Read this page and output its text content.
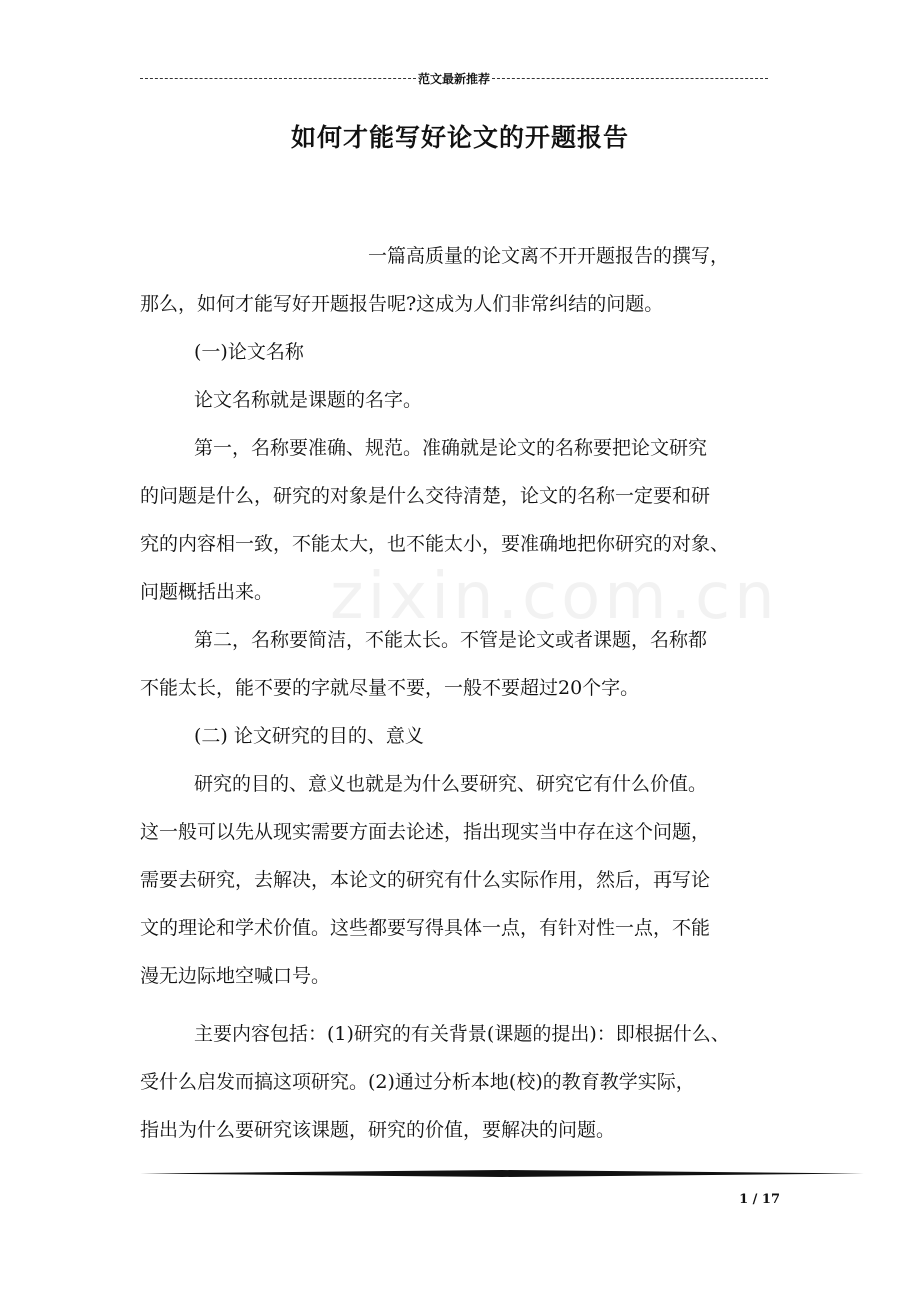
范文最新推荐
如何才能写好论文的开题报告
zixin.com.cn

一篇高质量的论文离不开开题报告的撰写，

那么，如何才能写好开题报告呢?这成为人们非常纠结的问题。

(一)论文名称

论文名称就是课题的名字。

第一，名称要准确、规范。准确就是论文的名称要把论文研究

的问题是什么，研究的对象是什么交待清楚，论文的名称一定要和研

究的内容相一致，不能太大，也不能太小，要准确地把你研究的对象、

问题概括出来。

第二，名称要简洁，不能太长。不管是论文或者课题，名称都

不能太长，能不要的字就尽量不要，一般不要超过20个字。

(二) 论文研究的目的、意义

研究的目的、意义也就是为什么要研究、研究它有什么价值。

这一般可以先从现实需要方面去论述，指出现实当中存在这个问题，

需要去研究，去解决，本论文的研究有什么实际作用，然后，再写论

文的理论和学术价值。这些都要写得具体一点，有针对性一点，不能

漫无边际地空喊口号。

主要内容包括：(1)研究的有关背景(课题的提出)：即根据什么、

受什么启发而搞这项研究。(2)通过分析本地(校)的教育教学实际，

指出为什么要研究该课题，研究的价值，要解决的问题。

1 / 17
